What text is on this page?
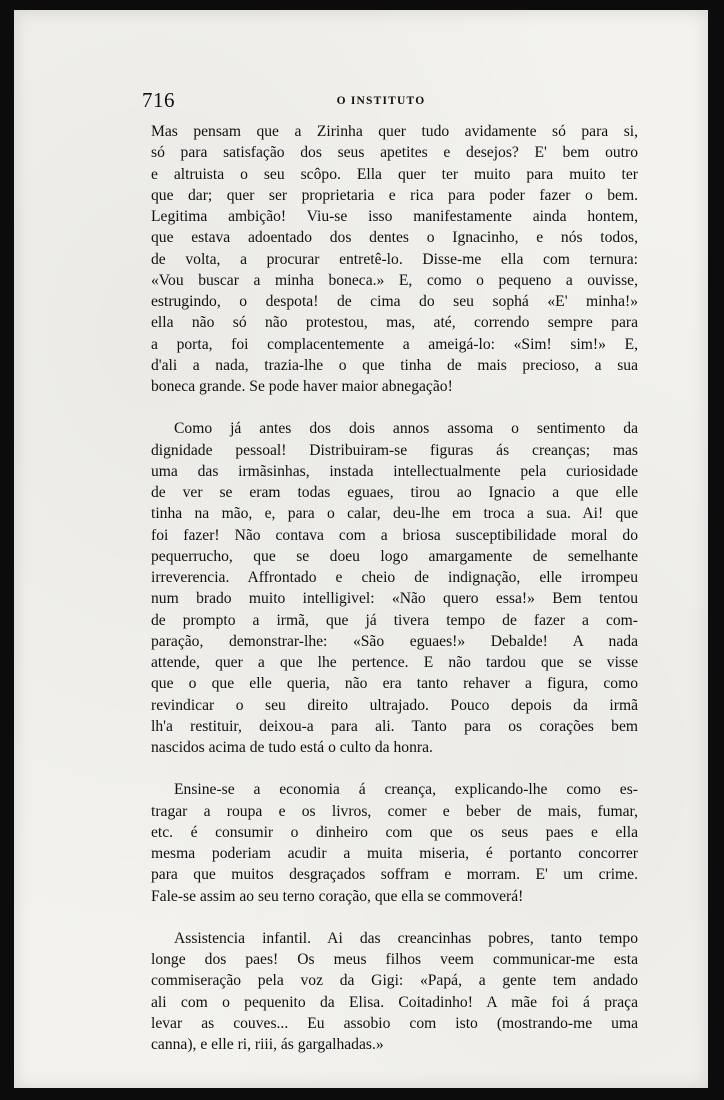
716	O INSTITUTO
Mas pensam que a Zirinha quer tudo avidamente só para si,
só para satisfação dos seus apetites e desejos? E' bem outro
e altruista o seu scôpo. Ella quer ter muito para muito ter
que dar; quer ser proprietaria e rica para poder fazer o bem.
Legitima ambição! Viu-se isso manifestamente ainda hontem,
que estava adoentado dos dentes o Ignacinho, e nós todos,
de volta, a procurar entretê-lo. Disse-me ella com ternura:
«Vou buscar a minha boneca.» E, como o pequeno a ouvisse,
estrugindo, o despota! de cima do seu sophá «E' minha!»
ella não só não protestou, mas, até, correndo sempre para
a porta, foi complacentemente a ameigá-lo: «Sim! sim!» E,
d'ali a nada, trazia-lhe o que tinha de mais precioso, a sua
boneca grande. Se pode haver maior abnegação!
Como já antes dos dois annos assoma o sentimento da
dignidade pessoal! Distribuiram-se figuras ás creanças; mas
uma das irmãsinhas, instada intellectualmente pela curiosidade
de ver se eram todas eguaes, tirou ao Ignacio a que elle
tinha na mão, e, para o calar, deu-lhe em troca a sua. Ai! que
foi fazer! Não contava com a briosa susceptibilidade moral do
pequerrucho, que se doeu logo amargamente de semelhante
irreverencia. Affrontado e cheio de indignação, elle irrompeu
num brado muito intelligivel: «Não quero essa!» Bem tentou
de prompto a irmã, que já tivera tempo de fazer a com-
paração, demonstrar-lhe: «São eguaes!» Debalde! A nada
attende, quer a que lhe pertence. E não tardou que se visse
que o que elle queria, não era tanto rehaver a figura, como
revindicar o seu direito ultrajado. Pouco depois da irmã
lh'a restituir, deixou-a para ali. Tanto para os corações bem
nascidos acima de tudo está o culto da honra.
Ensine-se a economia á creança, explicando-lhe como es-
tragar a roupa e os livros, comer e beber de mais, fumar,
etc. é consumir o dinheiro com que os seus paes e ella
mesma poderiam acudir a muita miseria, é portanto concorrer
para que muitos desgraçados soffram e morram. E' um crime.
Fale-se assim ao seu terno coração, que ella se commoverá!
Assistencia infantil. Ai das creancinhas pobres, tanto tempo
longe dos paes! Os meus filhos veem communicar-me esta
commiseração pela voz da Gigi: «Papá, a gente tem andado
ali com o pequenito da Elisa. Coitadinho! A mãe foi á praça
levar as couves... Eu assobio com isto (mostrando-me uma
canna), e elle ri, riii, ás gargalhadas.»
